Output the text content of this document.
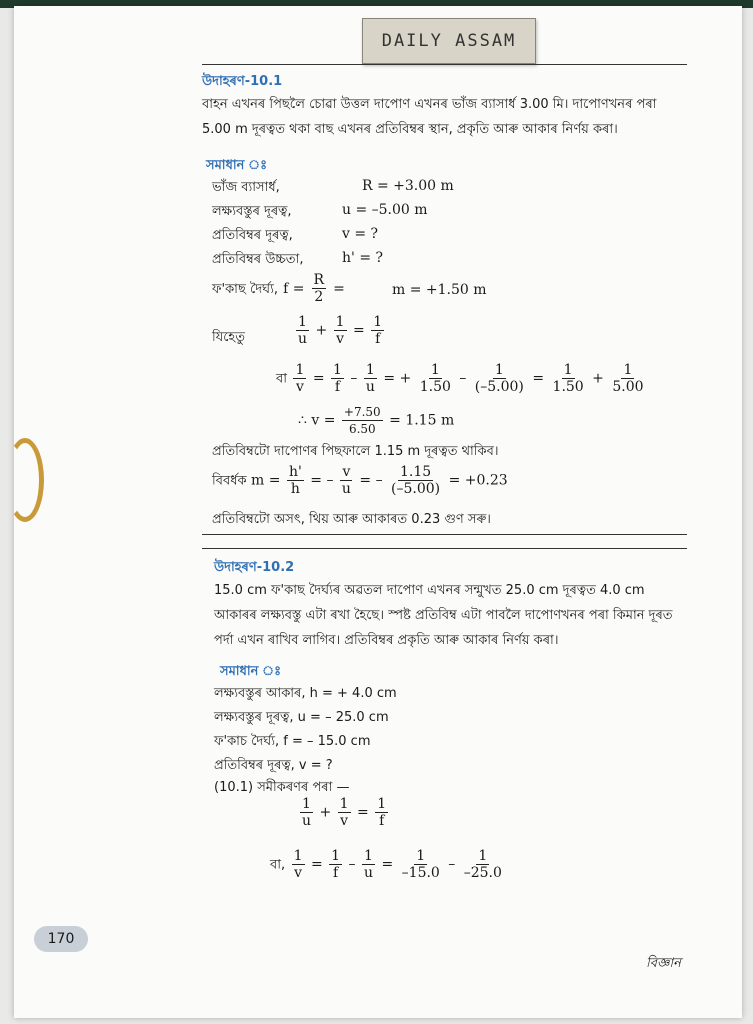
DAILY ASSAM
উদাহৰণ-10.1
বাহন এখনৰ পিছলৈ চোৱা উত্তল দাপোণ এখনৰ ভাঁজ ব্যাসার্ধ 3.00 মি। দাপোণখনৰ পৰা 5.00 m দূৰত্বত থকা বাছ এখনৰ প্ৰতিবিম্বৰ স্থান, প্ৰকৃতি আৰু আকাৰ নিৰ্ণয় কৰা।
সমাধান ঃ
ভাঁজ ব্যাসার্ধ,	R = +3.00 m
লক্ষ্যবস্তুৰ দূৰত্ব,	u = –5.00 m
প্ৰতিবিম্বৰ দূৰত্ব,	v = ?
প্ৰতিবিম্বৰ উচ্চতা,	h' = ?
ফ'কাছ দৈৰ্ঘ্য, $f = \frac{R}{2}$ =	m = +1.50 m
যিহেতু	$\frac{1}{u} + \frac{1}{v} = \frac{1}{f}$
বা $\frac{1}{v} = \frac{1}{f} - \frac{1}{u}$ = + $\frac{1}{1.50} - \frac{1}{(-5.00)} = \frac{1}{1.50} + \frac{1}{5.00}$
∴ $v = \frac{+7.50}{6.50} = 1.15$ m
প্ৰতিবিম্বটো দাপোণৰ পিছফালে 1.15 m দূৰত্বত থাকিব।
বিবৰ্ধক $m = \frac{h'}{h}$ = – $\frac{v}{u}$ = – $\frac{1.15}{(-5.00)} = +0.23$
প্ৰতিবিম্বটো অসৎ, থিয় আৰু আকাৰত 0.23 গুণ সৰু।
উদাহৰণ-10.2
15.0 cm ফ'কাছ দৈৰ্ঘ্যৰ অৱতল দাপোণ এখনৰ সন্মুখত 25.0 cm দূৰত্বত 4.0 cm আকাৰৰ লক্ষ্যবস্তু এটা ৰখা হৈছে। স্পষ্ট প্ৰতিবিম্ব এটা পাবলৈ দাপোণখনৰ পৰা কিমান দূৰত পৰ্দা এখন ৰাখিব লাগিব। প্ৰতিবিম্বৰ প্ৰকৃতি আৰু আকাৰ নিৰ্ণয় কৰা।
সমাধান ঃ
লক্ষ্যবস্তুৰ আকাৰ, h = + 4.0 cm
লক্ষ্যবস্তুৰ দূৰত্ব, u = – 25.0 cm
ফ'কাচ দৈৰ্ঘ্য, f = – 15.0 cm
প্ৰতিবিম্বৰ দূৰত্ব, v = ?
(10.1) সমীকৰণৰ পৰা —
$\frac{1}{u} + \frac{1}{v} = \frac{1}{f}$
বা, $\frac{1}{v} = \frac{1}{f} - \frac{1}{u} = \frac{1}{-15.0} - \frac{1}{-25.0}$
170
বিজ্ঞান
